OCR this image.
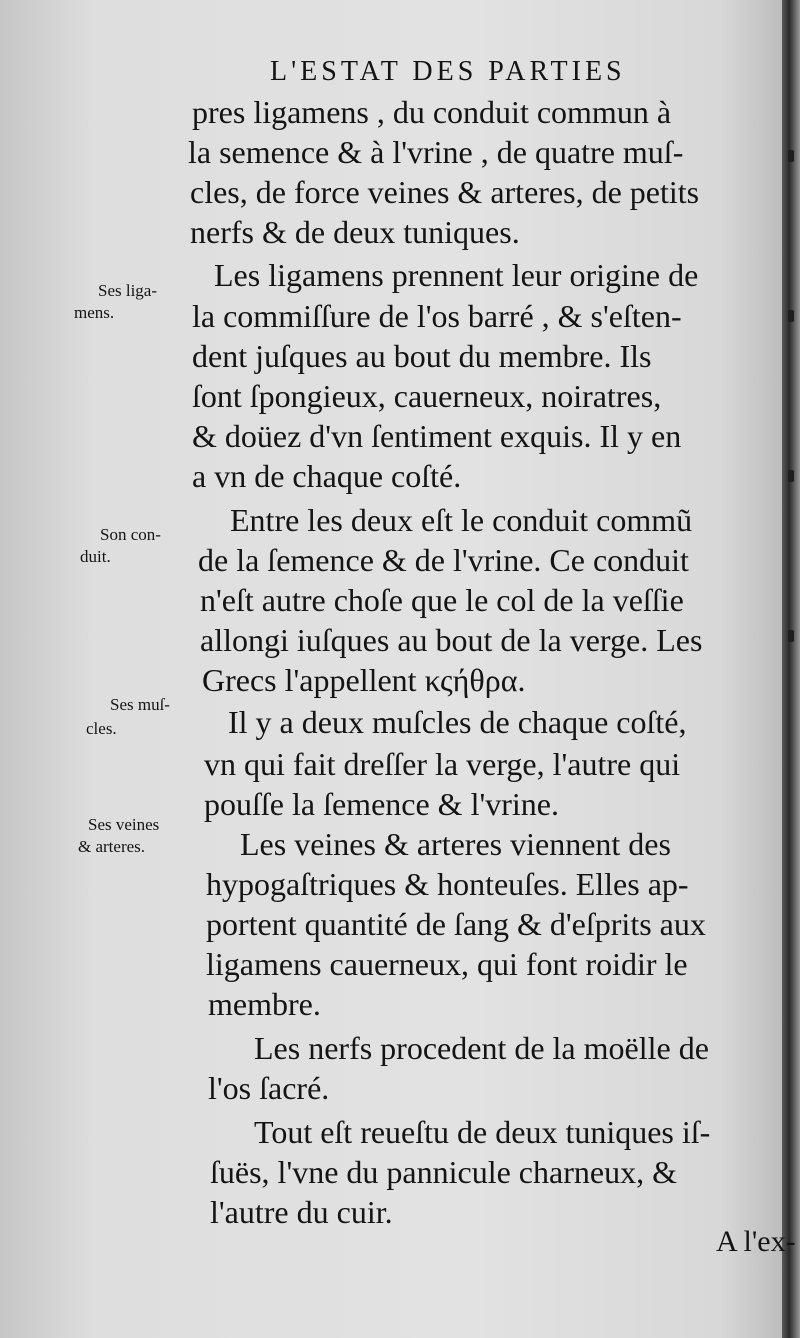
L'ESTAT DES PARTIES
pres ligamens , du conduit commun à
la semence & à l'vrine , de quatre muſ-
cles, de force veines & arteres, de petits
nerfs & de deux tuniques.
Les ligamens prennent leur origine de
la commiſſure de l'os barré , & s'eſten-
dent juſques au bout du membre. Ils
ſont ſpongieux, cauerneux, noiratres,
& doüez d'vn ſentiment exquis. Il y en
a vn de chaque coſté.
Entre les deux eſt le conduit commũ
de la ſemence & de l'vrine. Ce conduit
n'eſt autre choſe que le col de la veſſie
allongi iuſques au bout de la verge. Les
Grecs l'appellent κςήθρα.
Il y a deux muſcles de chaque coſté,
vn qui fait dreſſer la verge, l'autre qui
pouſſe la ſemence & l'vrine.
Les veines & arteres viennent des
hypogaſtriques & honteuſes. Elles ap-
portent quantité de ſang & d'eſprits aux
ligamens cauerneux, qui font roidir le
membre.
Les nerfs procedent de la moëlle de
l'os ſacré.
Tout eſt reueſtu de deux tuniques iſ-
ſuës, l'vne du pannicule charneux, &
l'autre du cuir.
Ses liga-
mens.
Son con-
duit.
Ses muſ-
cles.
Ses veines
& arteres.
A l'ex-
